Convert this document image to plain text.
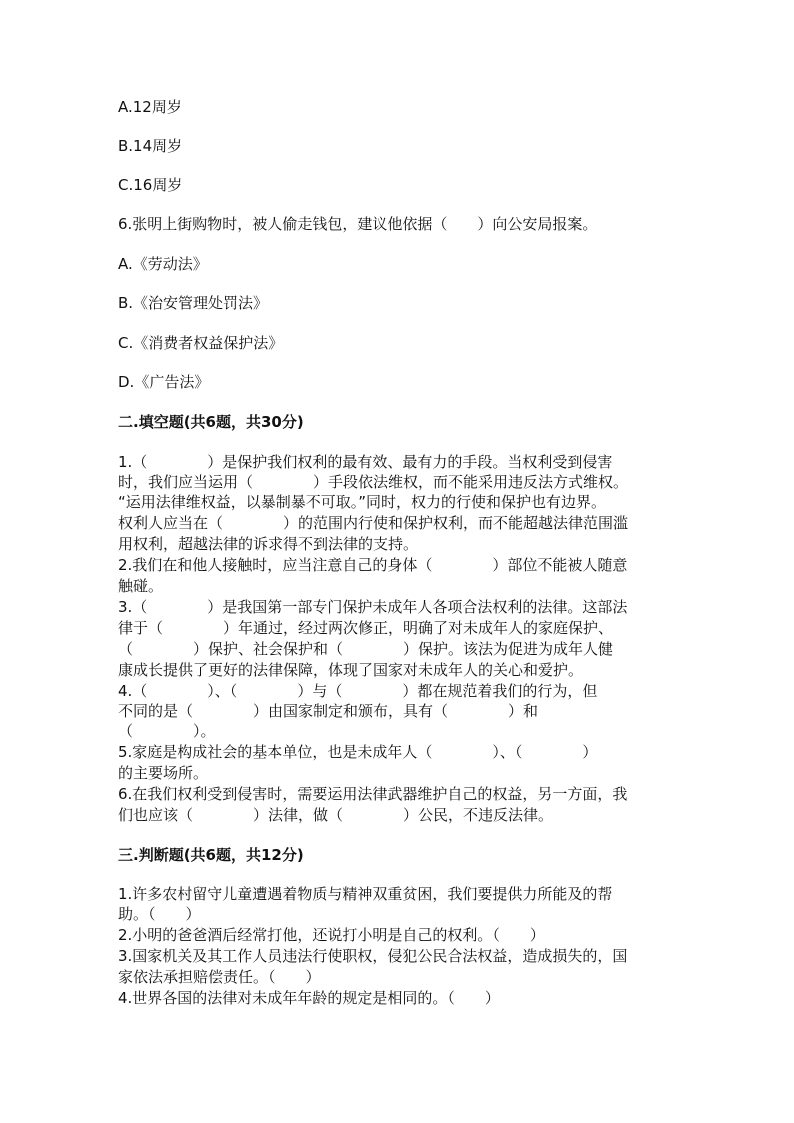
A.12周岁
B.14周岁
C.16周岁
6.张明上街购物时，被人偷走钱包，建议他依据（　　）向公安局报案。
A.《劳动法》
B.《治安管理处罚法》
C.《消费者权益保护法》
D.《广告法》
二.填空题(共6题，共30分)
1.（　　　　）是保护我们权利的最有效、最有力的手段。当权利受到侵害
时，我们应当运用（　　　　）手段依法维权，而不能采用违反法方式维权。
“运用法律维权益，以暴制暴不可取。”同时，权力的行使和保护也有边界。
权利人应当在（　　　　）的范围内行使和保护权利，而不能超越法律范围滥
用权利，超越法律的诉求得不到法律的支持。
2.我们在和他人接触时，应当注意自己的身体（　　　　）部位不能被人随意
触碰。
3.（　　　　）是我国第一部专门保护未成年人各项合法权利的法律。这部法
律于（　　　　）年通过，经过两次修正，明确了对未成年人的家庭保护、
（　　　　）保护、社会保护和（　　　　）保护。该法为促进为成年人健
康成长提供了更好的法律保障，体现了国家对未成年人的关心和爱护。
4.（　　　　）、（　　　　）与（　　　　）都在规范着我们的行为，但
不同的是（　　　　）由国家制定和颁布，具有（　　　　）和
（　　　　）。
5.家庭是构成社会的基本单位，也是未成年人（　　　　）、（　　　　）
的主要场所。
6.在我们权利受到侵害时，需要运用法律武器维护自己的权益，另一方面，我
们也应该（　　　　）法律，做（　　　　）公民，不违反法律。
三.判断题(共6题，共12分)
1.许多农村留守儿童遭遇着物质与精神双重贫困，我们要提供力所能及的帮
助。（　　）
2.小明的爸爸酒后经常打他，还说打小明是自己的权利。（　　）
3.国家机关及其工作人员违法行使职权，侵犯公民合法权益，造成损失的，国
家依法承担赔偿责任。（　　）
4.世界各国的法律对未成年年龄的规定是相同的。（　　）
